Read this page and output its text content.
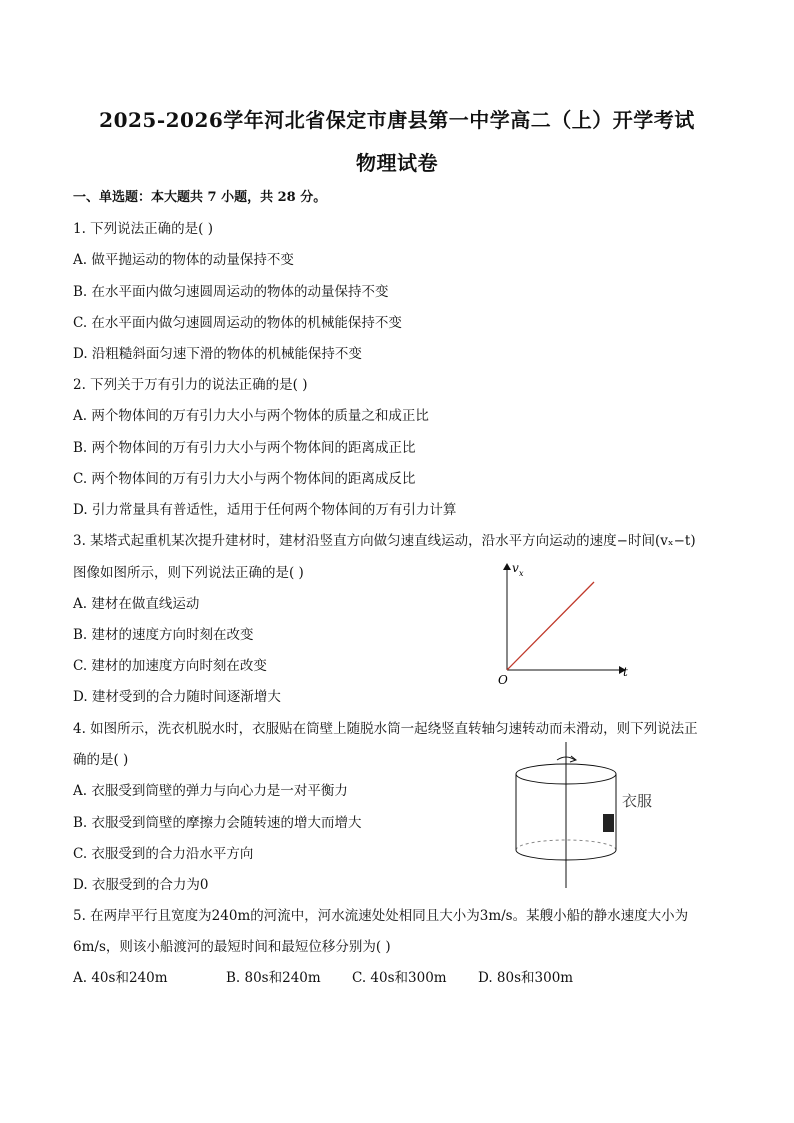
2025-2026学年河北省保定市唐县第一中学高二（上）开学考试
物理试卷
一、单选题：本大题共 7 小题，共 28 分。
1. 下列说法正确的是( )
A. 做平抛运动的物体的动量保持不变
B. 在水平面内做匀速圆周运动的物体的动量保持不变
C. 在水平面内做匀速圆周运动的物体的机械能保持不变
D. 沿粗糙斜面匀速下滑的物体的机械能保持不变
2. 下列关于万有引力的说法正确的是( )
A. 两个物体间的万有引力大小与两个物体的质量之和成正比
B. 两个物体间的万有引力大小与两个物体间的距离成正比
C. 两个物体间的万有引力大小与两个物体间的距离成反比
D. 引力常量具有普适性，适用于任何两个物体间的万有引力计算
3. 某塔式起重机某次提升建材时，建材沿竖直方向做匀速直线运动，沿水平方向运动的速度−时间(vₓ−t)
图像如图所示，则下列说法正确的是( )
A. 建材在做直线运动
B. 建材的速度方向时刻在改变
C. 建材的加速度方向时刻在改变
D. 建材受到的合力随时间逐渐增大
v x
t
O
4. 如图所示，洗衣机脱水时，衣服贴在筒壁上随脱水筒一起绕竖直转轴匀速转动而未滑动，则下列说法正
确的是( )
A. 衣服受到筒壁的弹力与向心力是一对平衡力
B. 衣服受到筒壁的摩擦力会随转速的增大而增大
C. 衣服受到的合力沿水平方向
D. 衣服受到的合力为0
衣服
5. 在两岸平行且宽度为240m的河流中，河水流速处处相同且大小为3m/s。某艘小船的静水速度大小为
6m/s，则该小船渡河的最短时间和最短位移分别为( )
A. 40s和240m	B. 80s和240m C. 40s和300m D. 80s和300m
